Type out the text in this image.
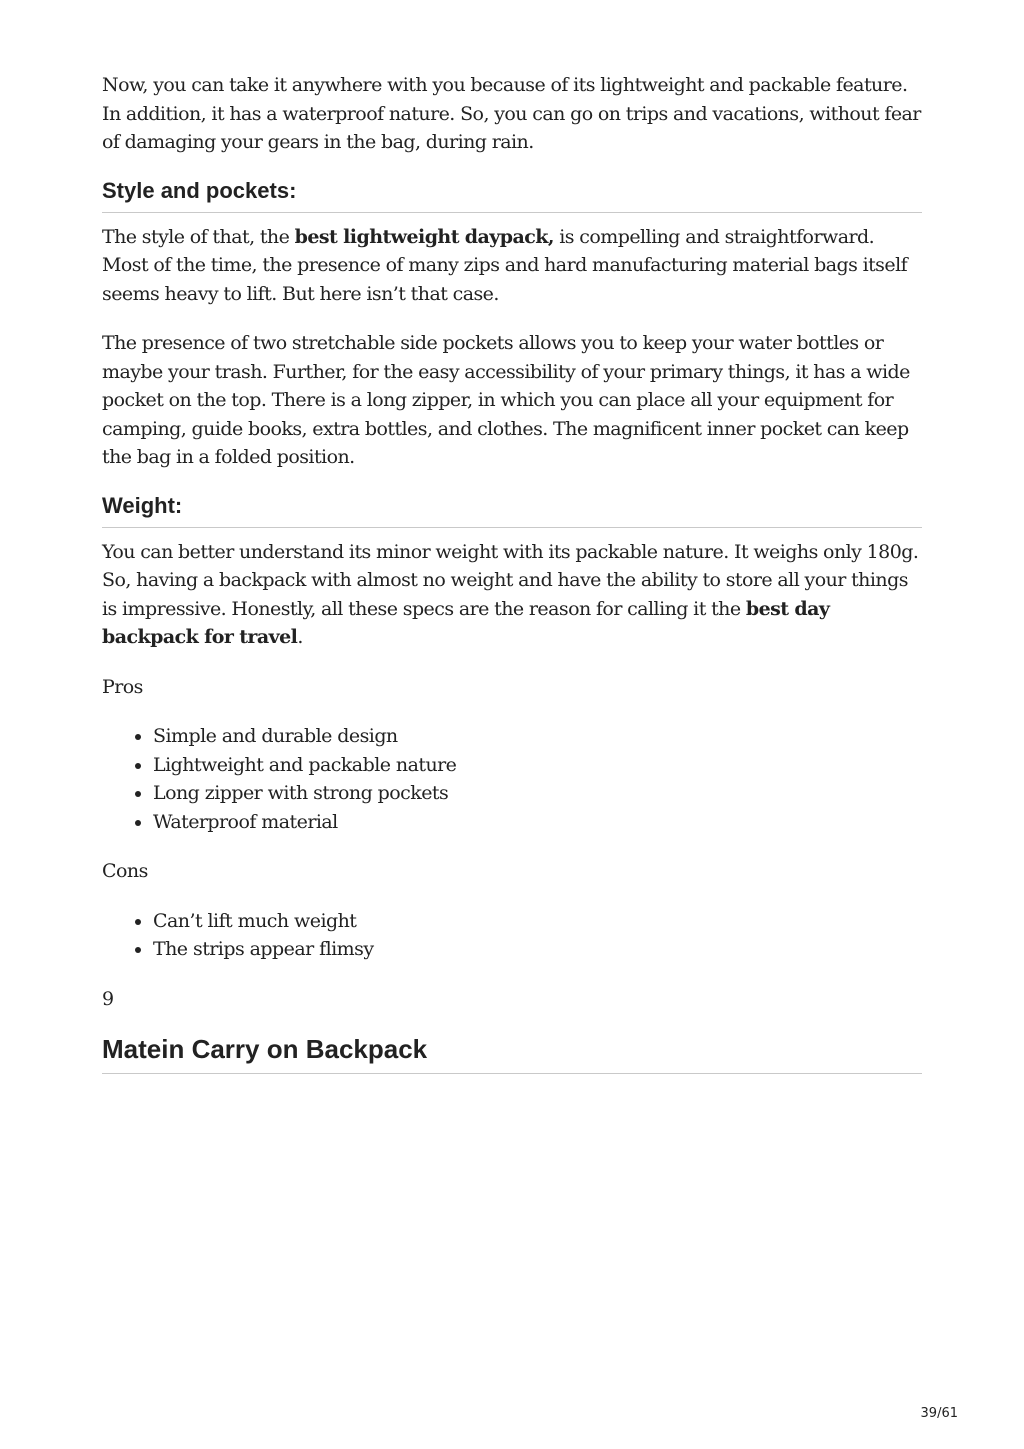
Now, you can take it anywhere with you because of its lightweight and packable feature. In addition, it has a waterproof nature. So, you can go on trips and vacations, without fear of damaging your gears in the bag, during rain.

Style and pockets:

The style of that, the best lightweight daypack, is compelling and straightforward. Most of the time, the presence of many zips and hard manufacturing material bags itself seems heavy to lift. But here isn’t that case.

The presence of two stretchable side pockets allows you to keep your water bottles or maybe your trash. Further, for the easy accessibility of your primary things, it has a wide pocket on the top. There is a long zipper, in which you can place all your equipment for camping, guide books, extra bottles, and clothes. The magnificent inner pocket can keep the bag in a folded position.

Weight:

You can better understand its minor weight with its packable nature. It weighs only 180g. So, having a backpack with almost no weight and have the ability to store all your things is impressive. Honestly, all these specs are the reason for calling it the best day backpack for travel.

Pros

• Simple and durable design
• Lightweight and packable nature
• Long zipper with strong pockets
• Waterproof material

Cons

• Can’t lift much weight
• The strips appear flimsy

9

Matein Carry on Backpack
39/61
